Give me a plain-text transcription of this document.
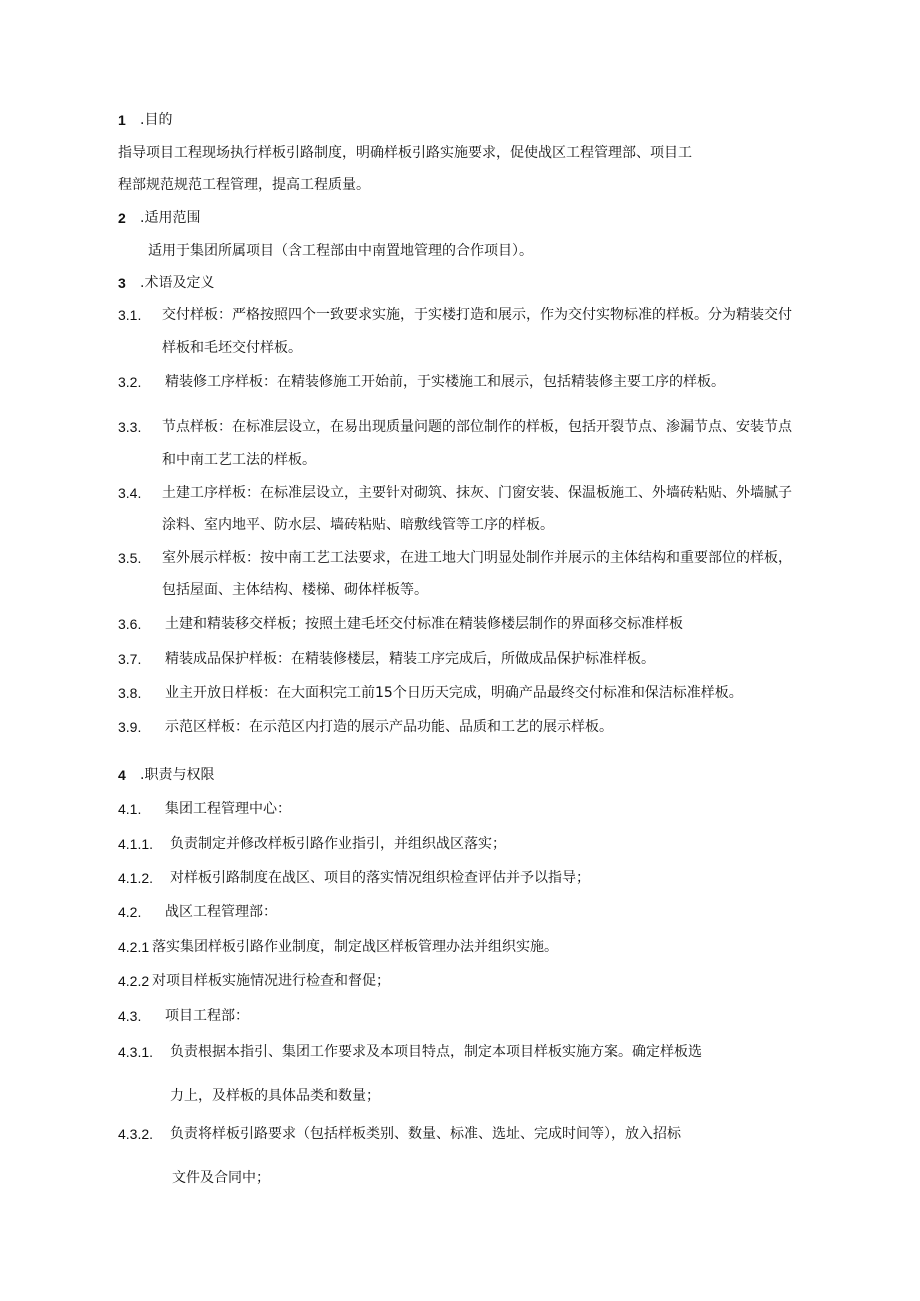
1 .目的
指导项目工程现场执行样板引路制度，明确样板引路实施要求，促使战区工程管理部、项目工
程部规范规范工程管理，提高工程质量。
2 .适用范围
适用于集团所属项目（含工程部由中南置地管理的合作项目）。
3 .术语及定义
3.1. 交付样板：严格按照四个一致要求实施，于实楼打造和展示，作为交付实物标准的样板。分为精装交付
样板和毛坯交付样板。
3.2. 精装修工序样板：在精装修施工开始前，于实楼施工和展示，包括精装修主要工序的样板。
3.3. 节点样板：在标准层设立，在易出现质量问题的部位制作的样板，包括开裂节点、渗漏节点、安装节点
和中南工艺工法的样板。
3.4. 土建工序样板：在标准层设立，主要针对砌筑、抹灰、门窗安装、保温板施工、外墙砖粘贴、外墙腻子
涂料、室内地平、防水层、墙砖粘贴、暗敷线管等工序的样板。
3.5. 室外展示样板：按中南工艺工法要求，在进工地大门明显处制作并展示的主体结构和重要部位的样板，
包括屋面、主体结构、楼梯、砌体样板等。
3.6. 土建和精装移交样板；按照土建毛坯交付标准在精装修楼层制作的界面移交标准样板
3.7. 精装成品保护样板：在精装修楼层，精装工序完成后，所做成品保护标准样板。
3.8. 业主开放日样板：在大面积完工前15个日历天完成，明确产品最终交付标准和保洁标准样板。
3.9. 示范区样板：在示范区内打造的展示产品功能、品质和工艺的展示样板。
4 .职责与权限
4.1. 集团工程管理中心：
4.1.1. 负责制定并修改样板引路作业指引，并组织战区落实；
4.1.2. 对样板引路制度在战区、项目的落实情况组织检查评估并予以指导；
4.2. 战区工程管理部：
4.2.1 落实集团样板引路作业制度，制定战区样板管理办法并组织实施。
4.2.2 对项目样板实施情况进行检查和督促；
4.3. 项目工程部：
4.3.1. 负责根据本指引、集团工作要求及本项目特点，制定本项目样板实施方案。确定样板选
力上，及样板的具体品类和数量；
4.3.2. 负责将样板引路要求（包括样板类别、数量、标准、选址、完成时间等），放入招标
文件及合同中；
